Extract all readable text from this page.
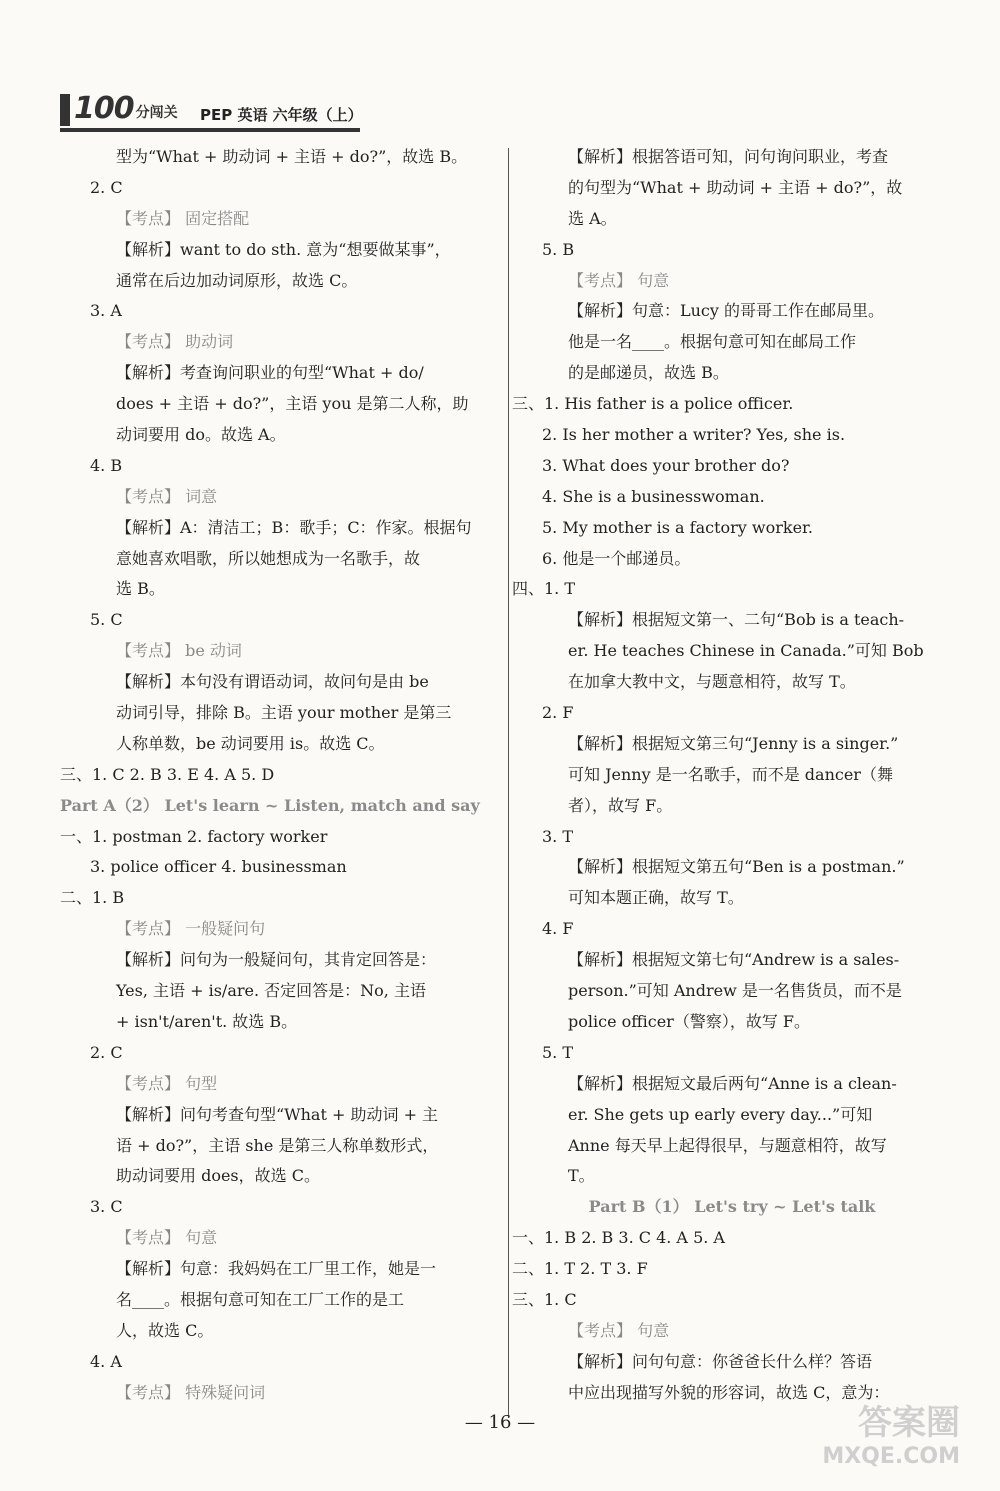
100 分闯关 PEP 英语 六年级（上）
型为“What + 助动词 + 主语 + do?”，故选 B。
2. C
【考点】 固定搭配
【解析】want to do sth. 意为“想要做某事”，
通常在后边加动词原形，故选 C。
3. A
【考点】 助动词
【解析】考查询问职业的句型“What + do/
does + 主语 + do?”，主语 you 是第二人称，助
动词要用 do。故选 A。
4. B
【考点】 词意
【解析】A：清洁工；B：歌手；C：作家。根据句
意她喜欢唱歌，所以她想成为一名歌手，故
选 B。
5. C
【考点】 be 动词
【解析】本句没有谓语动词，故问句是由 be
动词引导，排除 B。主语 your mother 是第三
人称单数，be 动词要用 is。故选 C。
三、1. C 2. B 3. E 4. A 5. D
Part A（2） Let's learn ~ Listen, match and say
一、1. postman 2. factory worker
3. police officer 4. businessman
二、1. B
【考点】 一般疑问句
【解析】问句为一般疑问句，其肯定回答是：
Yes, 主语 + is/are. 否定回答是：No, 主语
+ isn't/aren't. 故选 B。
2. C
【考点】 句型
【解析】问句考查句型“What + 助动词 + 主
语 + do?”，主语 she 是第三人称单数形式，
助动词要用 does，故选 C。
3. C
【考点】 句意
【解析】句意：我妈妈在工厂里工作，她是一
名____。根据句意可知在工厂工作的是工
人，故选 C。
4. A
【考点】 特殊疑问词
【解析】根据答语可知，问句询问职业，考查
的句型为“What + 助动词 + 主语 + do?”，故
选 A。
5. B
【考点】 句意
【解析】句意：Lucy 的哥哥工作在邮局里。
他是一名____。根据句意可知在邮局工作
的是邮递员，故选 B。
三、1. His father is a police officer.
2. Is her mother a writer? Yes, she is.
3. What does your brother do?
4. She is a businesswoman.
5. My mother is a factory worker.
6. 他是一个邮递员。
四、1. T
【解析】根据短文第一、二句“Bob is a teach-
er. He teaches Chinese in Canada.”可知 Bob
在加拿大教中文，与题意相符，故写 T。
2. F
【解析】根据短文第三句“Jenny is a singer.”
可知 Jenny 是一名歌手，而不是 dancer（舞
者），故写 F。
3. T
【解析】根据短文第五句“Ben is a postman.”
可知本题正确，故写 T。
4. F
【解析】根据短文第七句“Andrew is a sales-
person.”可知 Andrew 是一名售货员，而不是
police officer（警察），故写 F。
5. T
【解析】根据短文最后两句“Anne is a clean-
er. She gets up early every day...”可知
Anne 每天早上起得很早，与题意相符，故写
T。
Part B（1） Let's try ~ Let's talk
一、1. B 2. B 3. C 4. A 5. A
二、1. T 2. T 3. F
三、1. C
【考点】 句意
【解析】问句句意：你爸爸长什么样？答语
中应出现描写外貌的形容词，故选 C，意为：
— 16 —	答案圈
MXQE.COM
